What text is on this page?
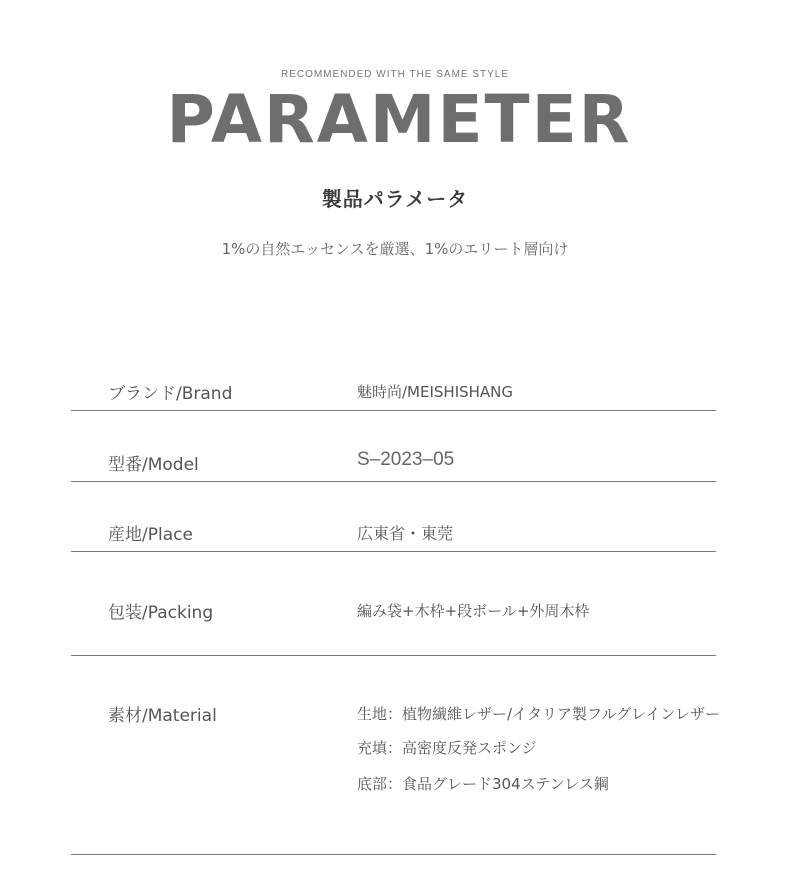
RECOMMENDED WITH THE SAME STYLE
PARAMETER
製品パラメータ
1%の自然エッセンスを厳選、1%のエリート層向け
ブランド/Brand	魅時尚/MEISHISHANG
型番/Model	S–2023–05
産地/Place	広東省・東莞
包装/Packing	編み袋+木枠+段ボール+外周木枠
素材/Material	生地：植物繊維レザー/イタリア製フルグレインレザー
充填：高密度反発スポンジ
底部：食品グレード304ステンレス鋼
